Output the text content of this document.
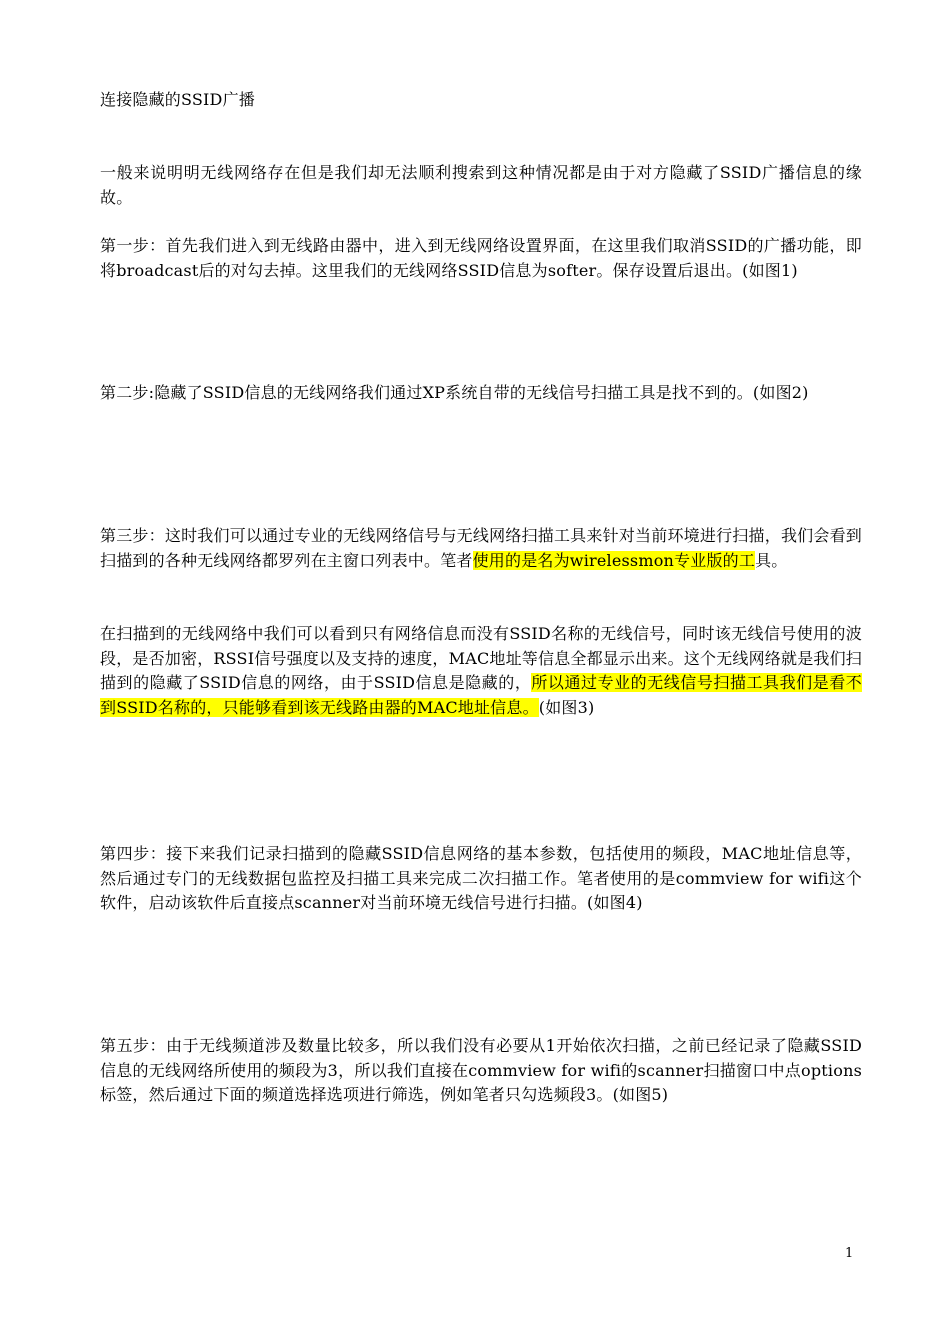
连接隐藏的SSID广播
一般来说明明无线网络存在但是我们却无法顺利搜索到这种情况都是由于对方隐藏了SSID广播信息的缘故。
第一步：首先我们进入到无线路由器中，进入到无线网络设置界面，在这里我们取消SSID的广播功能，即将broadcast后的对勾去掉。这里我们的无线网络SSID信息为softer。保存设置后退出。(如图1)
第二步:隐藏了SSID信息的无线网络我们通过XP系统自带的无线信号扫描工具是找不到的。(如图2)
第三步：这时我们可以通过专业的无线网络信号与无线网络扫描工具来针对当前环境进行扫描，我们会看到扫描到的各种无线网络都罗列在主窗口列表中。笔者使用的是名为wirelessmon专业版的工具。
在扫描到的无线网络中我们可以看到只有网络信息而没有SSID名称的无线信号，同时该无线信号使用的波段，是否加密，RSSI信号强度以及支持的速度，MAC地址等信息全都显示出来。这个无线网络就是我们扫描到的隐藏了SSID信息的网络，由于SSID信息是隐藏的，所以通过专业的无线信号扫描工具我们是看不到SSID名称的，只能够看到该无线路由器的MAC地址信息。(如图3)
第四步：接下来我们记录扫描到的隐藏SSID信息网络的基本参数，包括使用的频段，MAC地址信息等，然后通过专门的无线数据包监控及扫描工具来完成二次扫描工作。笔者使用的是commview for wifi这个软件，启动该软件后直接点scanner对当前环境无线信号进行扫描。(如图4)
第五步：由于无线频道涉及数量比较多，所以我们没有必要从1开始依次扫描，之前已经记录了隐藏SSID信息的无线网络所使用的频段为3，所以我们直接在commview for wifi的scanner扫描窗口中点options标签，然后通过下面的频道选择选项进行筛选，例如笔者只勾选频段3。(如图5)
1
